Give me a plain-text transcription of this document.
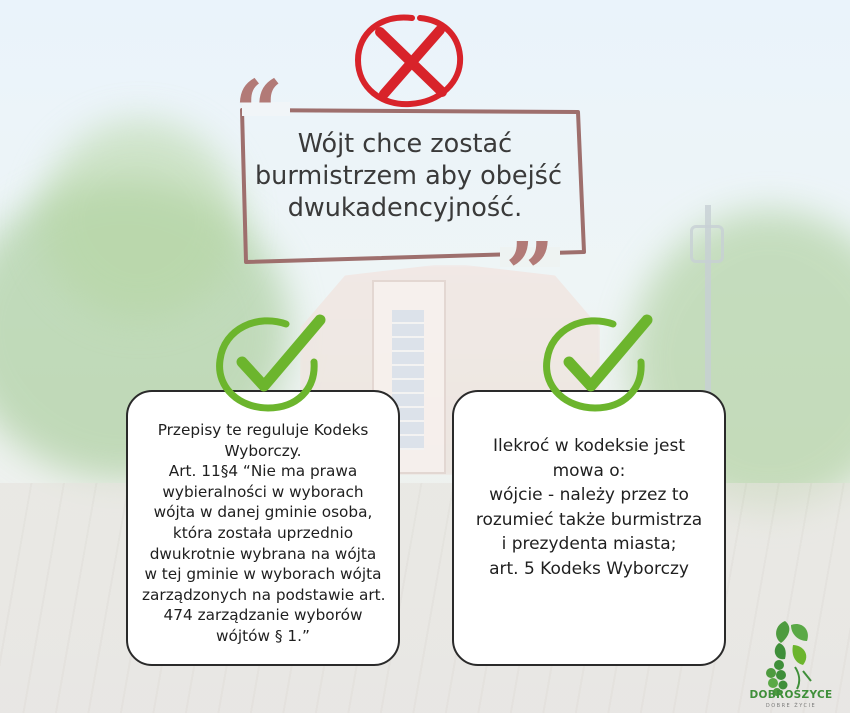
“
”
Wójt chce zostać
burmistrzem aby obejść
dwukadencyjność.
Przepisy te reguluje Kodeks
Wyborczy.
Art. 11§4 “Nie ma prawa
wybieralności w wyborach
wójta w danej gminie osoba,
która została uprzednio
dwukrotnie wybrana na wójta
w tej gminie w wyborach wójta
zarządzonych na podstawie art.
474 zarządzanie wyborów
wójtów § 1.”
Ilekroć w kodeksie jest
mowa o:
wójcie - należy przez to
rozumieć także burmistrza
i prezydenta miasta;
art. 5 Kodeks Wyborczy
DOBROSZYCE
DOBRE ŻYCIE
